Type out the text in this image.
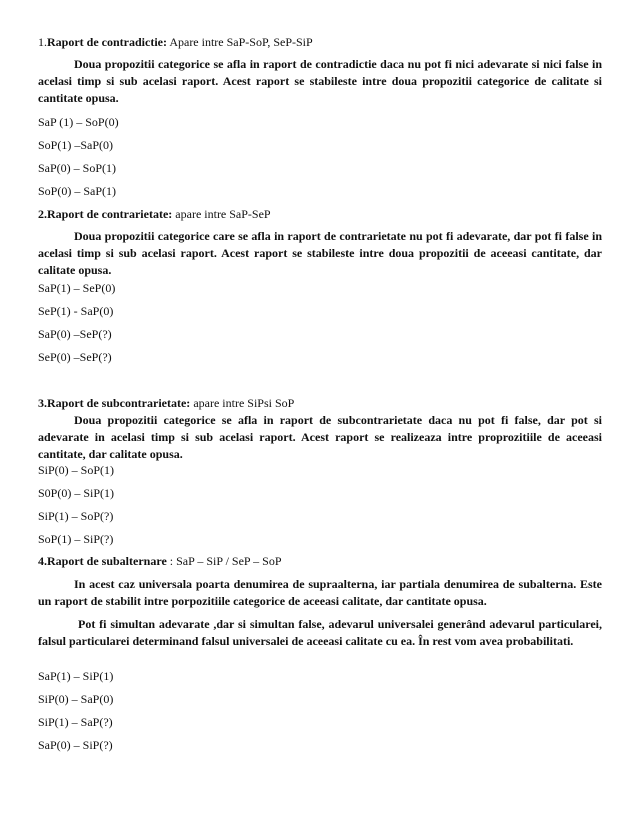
1.Raport de contradictie: Apare intre SaP-SoP, SeP-SiP
Doua propozitii categorice se afla in raport de contradictie daca nu pot fi nici adevarate si nici false in acelasi timp si sub acelasi raport. Acest raport se stabileste intre doua propozitii categorice de calitate si cantitate opusa.
SaP (1) – SoP(0)
SoP(1) –SaP(0)
SaP(0) – SoP(1)
SoP(0) – SaP(1)
2.Raport de contrarietate: apare intre SaP-SeP
Doua propozitii categorice care se afla in raport de contrarietate nu pot fi adevarate, dar pot fi false in acelasi timp si sub acelasi raport. Acest raport se stabileste intre doua propozitii de aceeasi cantitate, dar calitate opusa.
SaP(1) – SeP(0)
SeP(1) - SaP(0)
SaP(0) –SeP(?)
SeP(0) –SeP(?)
3.Raport de subcontrarietate: apare intre SiPsi SoP
Doua propozitii categorice se afla in raport de subcontrarietate daca nu pot fi false, dar pot si adevarate in acelasi timp si sub acelasi raport. Acest raport se realizeaza intre proprozitiile de aceeasi cantitate, dar calitate opusa.
SiP(0) – SoP(1)
S0P(0) – SiP(1)
SiP(1) – SoP(?)
SoP(1) – SiP(?)
4.Raport de subalternare : SaP – SiP / SeP – SoP
In acest caz universala poarta denumirea de supraalterna, iar partiala denumirea de subalterna. Este un raport de stabilit intre porpozitiile categorice de aceeasi calitate, dar cantitate opusa.
Pot fi simultan adevarate ,dar si simultan false, adevarul universalei generând adevarul particularei, falsul particularei determinand falsul universalei de aceeasi calitate cu ea. În rest vom avea probabilitati.
SaP(1) – SiP(1)
SiP(0) – SaP(0)
SiP(1) – SaP(?)
SaP(0) – SiP(?)
